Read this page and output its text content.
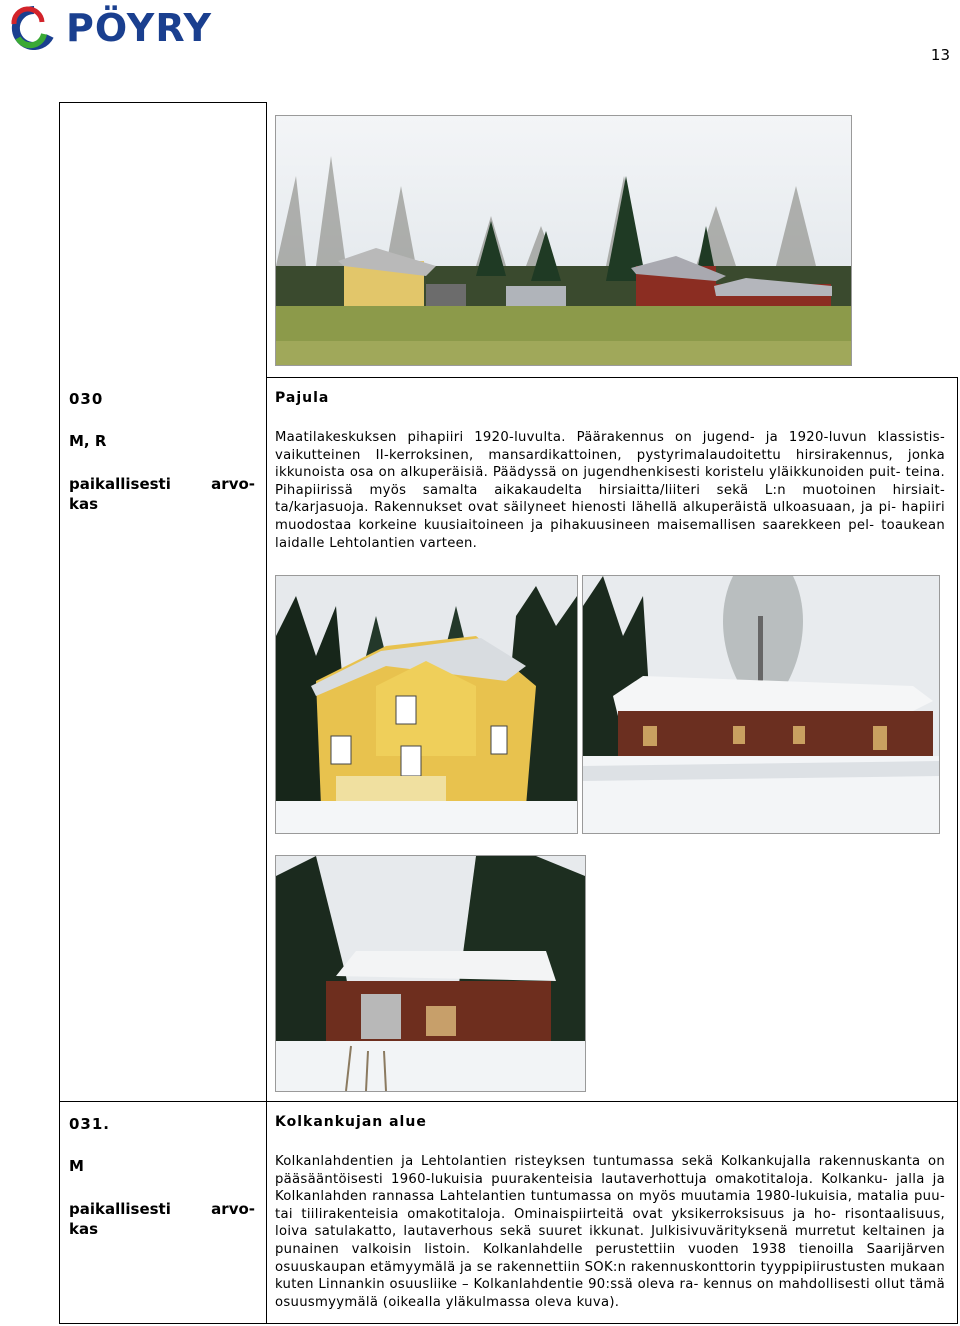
PÖYRY
13
030
M, R
paikallisesti	arvo-
kas
Pajula

Maatilakeskuksen pihapiiri 1920-luvulta. Päärakennus on jugend- ja 1920-luvun klassistis- vaikutteinen II-kerroksinen, mansardikattoinen, pystyrimalaudoitettu hirsirakennus, jonka ikkunoista osa on alkuperäisiä. Päädyssä on jugendhenkisesti koristelu yläikkunoiden puit- teina. Pihapiirissä myös samalta aikakaudelta hirsiaitta/liiteri sekä L:n muotoinen hirsiait- ta/karjasuoja. Rakennukset ovat säilyneet hienosti lähellä alkuperäistä ulkoasuaan, ja pi- hapiiri muodostaa korkeine kuusiaitoineen ja pihakuusineen maisemallisen saarekkeen pel- toaukean laidalle Lehtolantien varteen.

031.
M
paikallisesti	arvo-
kas
Kolkankujan alue

Kolkanlahdentien ja Lehtolantien risteyksen tuntumassa sekä Kolkankujalla rakennuskanta on pääsääntöisesti 1960-lukuisia puurakenteisia lautaverhottuja omakotitaloja. Kolkanku- jalla ja Kolkanlahden rannassa Lahtelantien tuntumassa on myös muutamia 1980-lukuisia, matalia puu- tai tiilirakenteisia omakotitaloja. Ominaispiirteitä ovat yksikerroksisuus ja ho- risontaalisuus, loiva satulakatto, lautaverhous sekä suuret ikkunat. Julkisivuvärityksenä murretut keltainen ja punainen valkoisin listoin. Kolkanlahdelle perustettiin vuoden 1938 tienoilla Saarijärven osuuskaupan etämyymälä ja se rakennettiin SOK:n rakennuskonttorin tyyppipiirustusten mukaan kuten Linnankin osuusliike – Kolkanlahdentie 90:ssä oleva ra- kennus on mahdollisesti ollut tämä osuusmyymälä (oikealla yläkulmassa oleva kuva).
